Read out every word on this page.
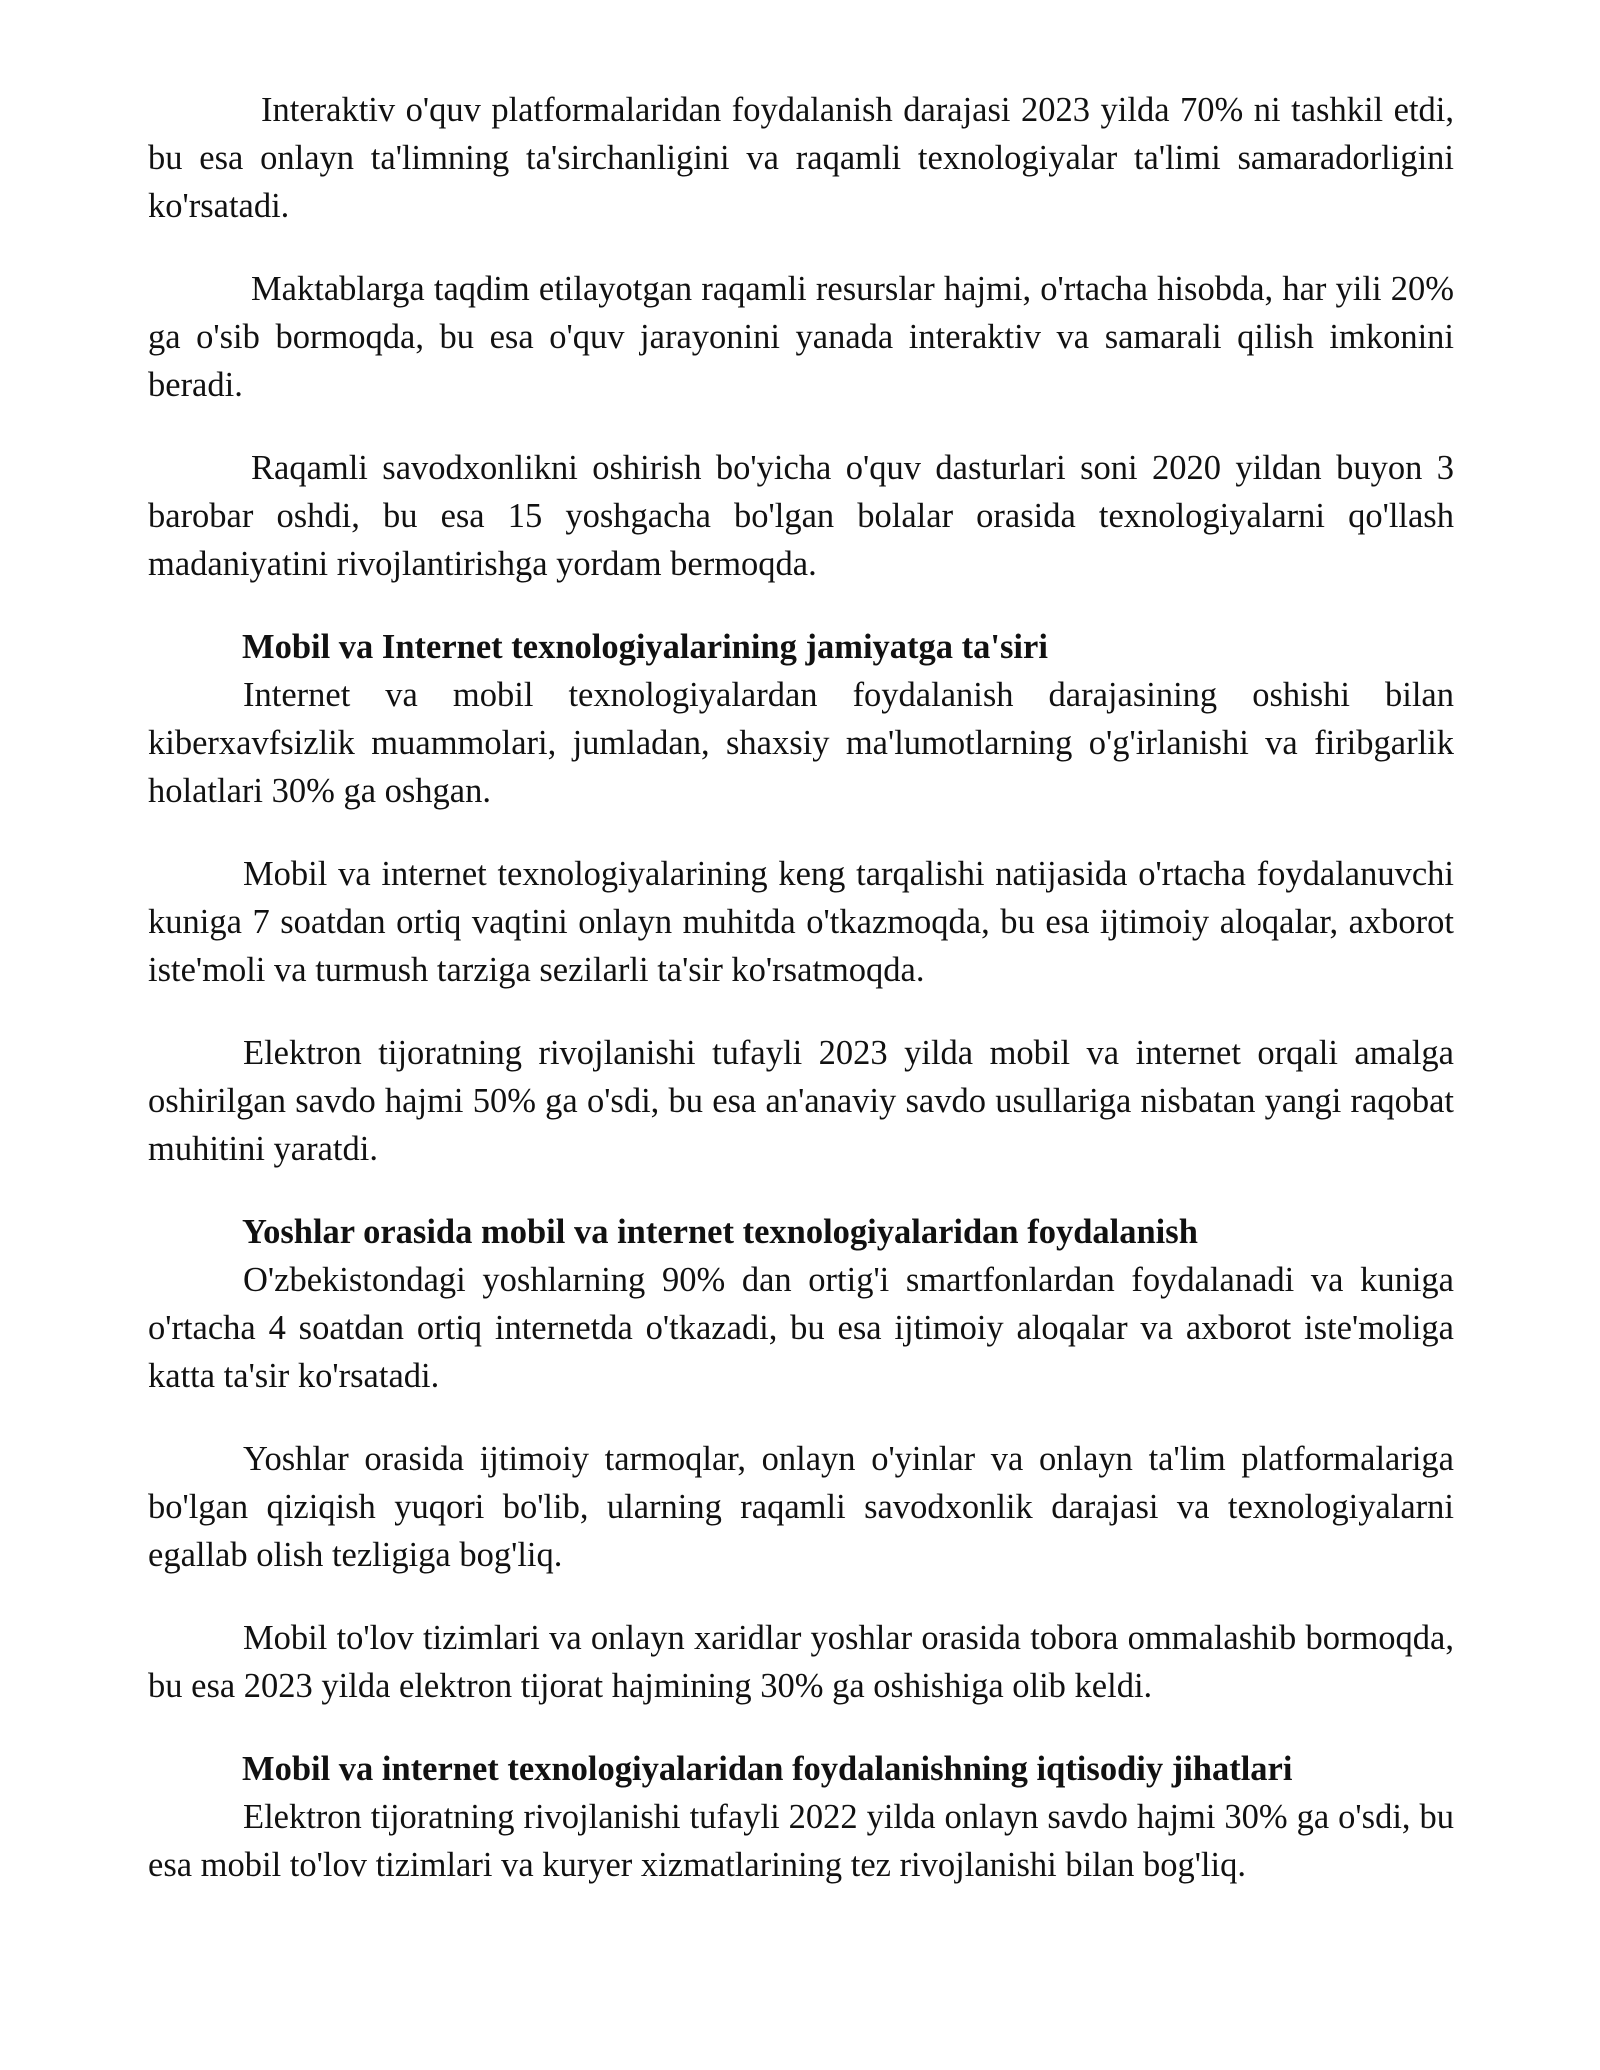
Interaktiv o'quv platformalaridan foydalanish darajasi 2023 yilda 70% ni tashkil etdi, bu esa onlayn ta'limning ta'sirchanligini va raqamli texnologiyalar ta'limi samaradorligini ko'rsatadi.

Maktablarga taqdim etilayotgan raqamli resurslar hajmi, o'rtacha hisobda, har yili 20% ga o'sib bormoqda, bu esa o'quv jarayonini yanada interaktiv va samarali qilish imkonini beradi.

Raqamli savodxonlikni oshirish bo'yicha o'quv dasturlari soni 2020 yildan buyon 3 barobar oshdi, bu esa 15 yoshgacha bo'lgan bolalar orasida texnologiyalarni qo'llash madaniyatini rivojlantirishga yordam bermoqda.

Mobil va Internet texnologiyalarining jamiyatga ta'siri

Internet va mobil texnologiyalardan foydalanish darajasining oshishi bilan kiberxavfsizlik muammolari, jumladan, shaxsiy ma'lumotlarning o'g'irlanishi va firibgarlik holatlari 30% ga oshgan.

Mobil va internet texnologiyalarining keng tarqalishi natijasida o'rtacha foydalanuvchi kuniga 7 soatdan ortiq vaqtini onlayn muhitda o'tkazmoqda, bu esa ijtimoiy aloqalar, axborot iste'moli va turmush tarziga sezilarli ta'sir ko'rsatmoqda.

Elektron tijoratning rivojlanishi tufayli 2023 yilda mobil va internet orqali amalga oshirilgan savdo hajmi 50% ga o'sdi, bu esa an'anaviy savdo usullariga nisbatan yangi raqobat muhitini yaratdi.

Yoshlar orasida mobil va internet texnologiyalaridan foydalanish

O'zbekistondagi yoshlarning 90% dan ortig'i smartfonlardan foydalanadi va kuniga o'rtacha 4 soatdan ortiq internetda o'tkazadi, bu esa ijtimoiy aloqalar va axborot iste'moliga katta ta'sir ko'rsatadi.

Yoshlar orasida ijtimoiy tarmoqlar, onlayn o'yinlar va onlayn ta'lim platformalariga bo'lgan qiziqish yuqori bo'lib, ularning raqamli savodxonlik darajasi va texnologiyalarni egallab olish tezligiga bog'liq.

Mobil to'lov tizimlari va onlayn xaridlar yoshlar orasida tobora ommalashib bormoqda, bu esa 2023 yilda elektron tijorat hajmining 30% ga oshishiga olib keldi.

Mobil va internet texnologiyalaridan foydalanishning iqtisodiy jihatlari

Elektron tijoratning rivojlanishi tufayli 2022 yilda onlayn savdo hajmi 30% ga o'sdi, bu esa mobil to'lov tizimlari va kuryer xizmatlarining tez rivojlanishi bilan bog'liq.
